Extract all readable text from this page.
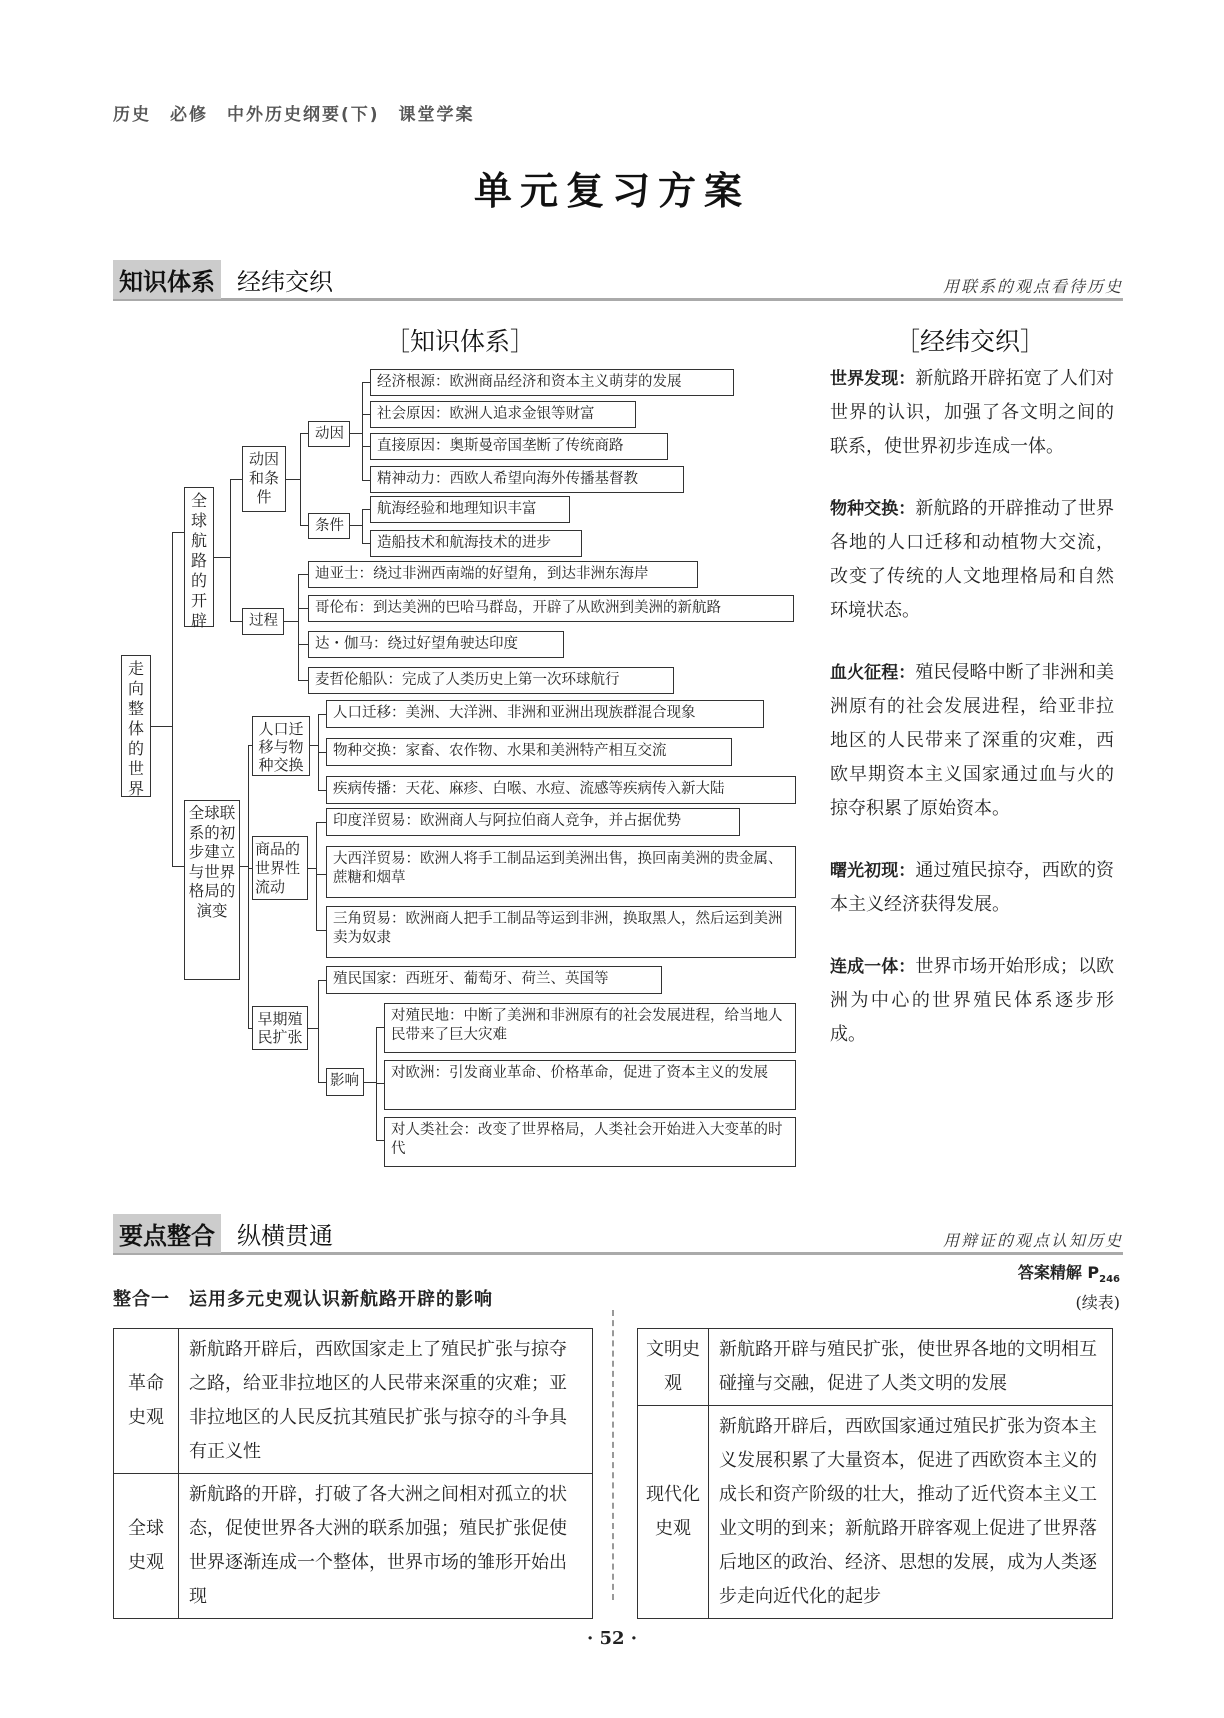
历史　必修　中外历史纲要(下)　课堂学案
单元复习方案
知识体系 经纬交织	用联系的观点看待历史
［知识体系］	［经纬交织］
走向整体的世界
全球航路的开辟
动因和条件
动因
经济根源：欧洲商品经济和资本主义萌芽的发展
社会原因：欧洲人追求金银等财富
直接原因：奥斯曼帝国垄断了传统商路
精神动力：西欧人希望向海外传播基督教
条件
航海经验和地理知识丰富
造船技术和航海技术的进步
过程
迪亚士：绕过非洲西南端的好望角，到达非洲东海岸
哥伦布：到达美洲的巴哈马群岛，开辟了从欧洲到美洲的新航路
达・伽马：绕过好望角驶达印度
麦哲伦船队：完成了人类历史上第一次环球航行
全球联系的初步建立与世界格局的演变
人口迁移与物种交换
人口迁移：美洲、大洋洲、非洲和亚洲出现族群混合现象
物种交换：家畜、农作物、水果和美洲特产相互交流
疾病传播：天花、麻疹、白喉、水痘、流感等疾病传入新大陆
商品的世界性流动
印度洋贸易：欧洲商人与阿拉伯商人竞争，并占据优势
大西洋贸易：欧洲人将手工制品运到美洲出售，换回南美洲的贵金属、蔗糖和烟草
三角贸易：欧洲商人把手工制品等运到非洲，换取黑人，然后运到美洲卖为奴隶
早期殖民扩张
殖民国家：西班牙、葡萄牙、荷兰、英国等
影响
对殖民地：中断了美洲和非洲原有的社会发展进程，给当地人民带来了巨大灾难
对欧洲：引发商业革命、价格革命，促进了资本主义的发展
对人类社会：改变了世界格局，人类社会开始进入大变革的时代

世界发现：新航路开辟拓宽了人们对世界的认识，加强了各文明之间的联系，使世界初步连成一体。

物种交换：新航路的开辟推动了世界各地的人口迁移和动植物大交流，改变了传统的人文地理格局和自然环境状态。

血火征程：殖民侵略中断了非洲和美洲原有的社会发展进程，给亚非拉地区的人民带来了深重的灾难，西欧早期资本主义国家通过血与火的掠夺积累了原始资本。

曙光初现：通过殖民掠夺，西欧的资本主义经济获得发展。

连成一体：世界市场开始形成；以欧洲为中心的世界殖民体系逐步形成。

要点整合 纵横贯通	用辩证的观点认知历史
答案精解 $P_{246}$
整合一　运用多元史观认识新航路开辟的影响	(续表)
革命史观	新航路开辟后，西欧国家走上了殖民扩张与掠夺之路，给亚非拉地区的人民带来深重的灾难；亚非拉地区的人民反抗其殖民扩张与掠夺的斗争具有正义性
全球史观	新航路的开辟，打破了各大洲之间相对孤立的状态，促使世界各大洲的联系加强；殖民扩张促使世界逐渐连成一个整体，世界市场的雏形开始出现
文明史观	新航路开辟与殖民扩张，使世界各地的文明相互碰撞与交融，促进了人类文明的发展
现代化史观	新航路开辟后，西欧国家通过殖民扩张为资本主义发展积累了大量资本，促进了西欧资本主义的成长和资产阶级的壮大，推动了近代资本主义工业文明的到来；新航路开辟客观上促进了世界落后地区的政治、经济、思想的发展，成为人类逐步走向近代化的起步
· 52 ·
